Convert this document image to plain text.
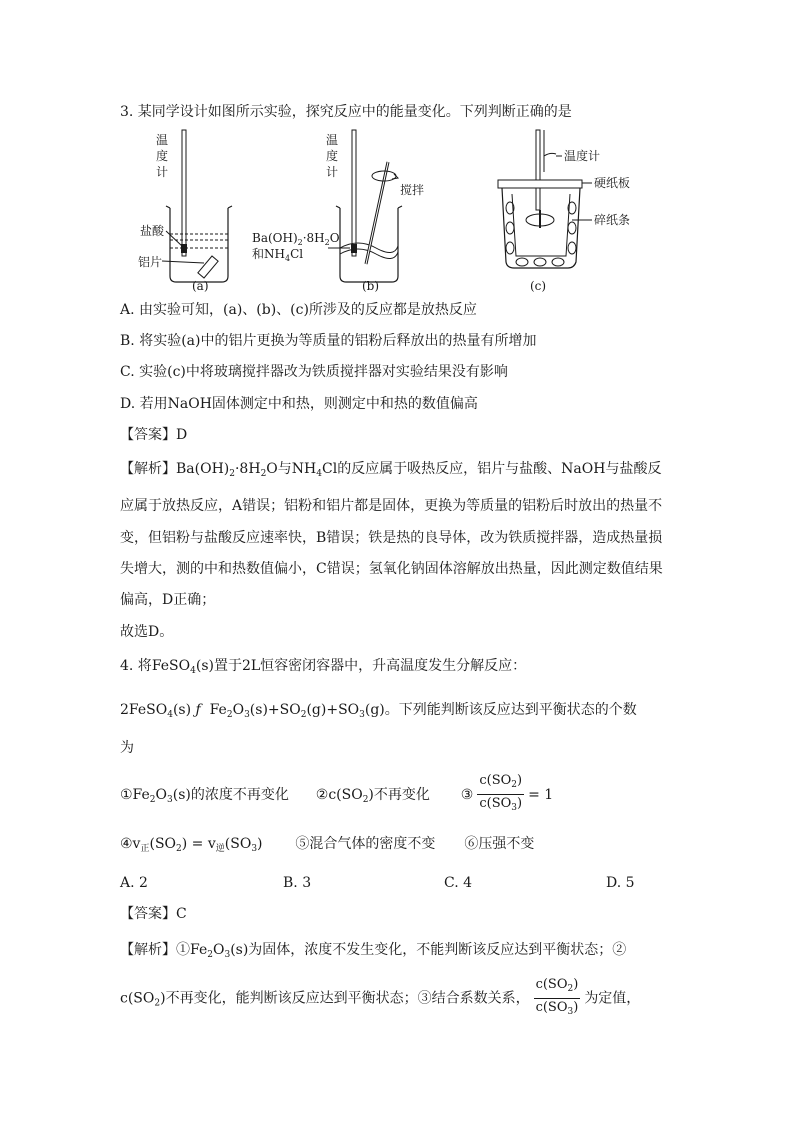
3. 某同学设计如图所示实验，探究反应中的能量变化。下列判断正确的是
温
度
计
盐酸
铝片
(a)
温
度
计
搅拌
$Ba(OH)_2\cdot 8H_2O$
和$NH_4Cl$
(b)
温度计
硬纸板
碎纸条
(c)
A. 由实验可知，(a)、(b)、(c)所涉及的反应都是放热反应
B. 将实验(a)中的铝片更换为等质量的铝粉后释放出的热量有所增加
C. 实验(c)中将玻璃搅拌器改为铁质搅拌器对实验结果没有影响
D. 若用NaOH固体测定中和热，则测定中和热的数值偏高
【答案】D
【解析】$Ba(OH)_2\cdot 8H_2O$与$NH_4Cl$的反应属于吸热反应，铝片与盐酸、NaOH与盐酸反
应属于放热反应，A错误；铝粉和铝片都是固体，更换为等质量的铝粉后时放出的热量不
变，但铝粉与盐酸反应速率快，B错误；铁是热的良导体，改为铁质搅拌器，造成热量损
失增大，测的中和热数值偏小，C错误；氢氧化钠固体溶解放出热量，因此测定数值结果
偏高，D正确；
故选D。
4. 将FeSO$_4$(s)置于2L恒容密闭容器中，升高温度发生分解反应：
2FeSO$_4$(s) ƒ $Fe_2O_3(s)+SO_2(g)+SO_3(g)$。下列能判断该反应达到平衡状态的个数
为
$①Fe_2O_3(s)$的浓度不再变化 $②c(SO_2)$不再变化 ③ $\frac{c(SO_2)}{c(SO_3)} = 1$
$④v_正(SO_2) = v_逆(SO_3)$ ⑤混合气体的密度不变 ⑥压强不变
A. 2	B. 3	C. 4	D. 5
【答案】C
【解析】$①Fe_2O_3(s)$为固体，浓度不发生变化，不能判断该反应达到平衡状态；②
$c(SO_2)$不再变化，能判断该反应达到平衡状态；③结合系数关系， $\frac{c(SO_2)}{c(SO_3)}$ 为定值，
